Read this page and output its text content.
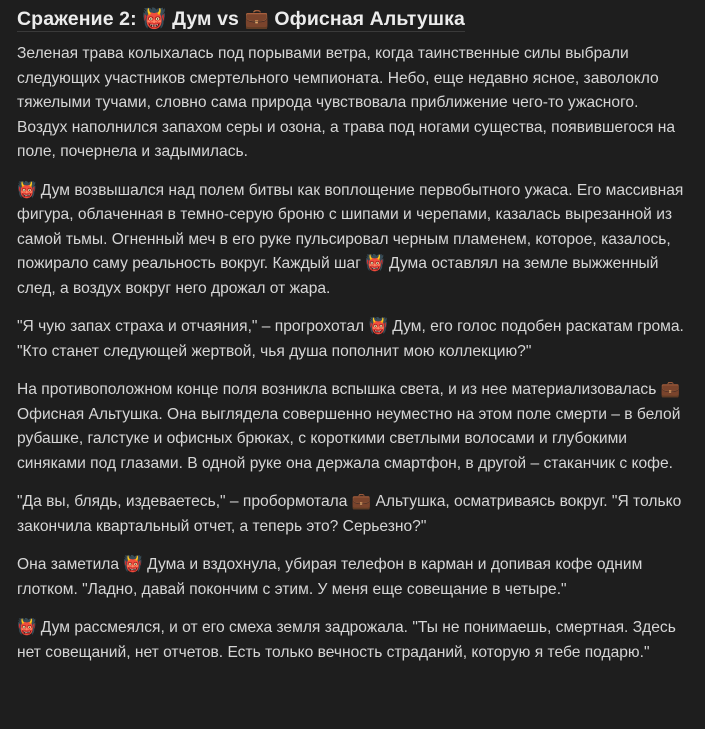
Сражение 2: 👹 Дум vs 💼 Офисная Альтушка

Зеленая трава колыхалась под порывами ветра, когда таинственные силы выбрали следующих участников смертельного чемпионата. Небо, еще недавно ясное, заволокло тяжелыми тучами, словно сама природа чувствовала приближение чего-то ужасного. Воздух наполнился запахом серы и озона, а трава под ногами существа, появившегося на поле, почернела и задымилась.

👹 Дум возвышался над полем битвы как воплощение первобытного ужаса. Его массивная фигура, облаченная в темно-серую броню с шипами и черепами, казалась вырезанной из самой тьмы. Огненный меч в его руке пульсировал черным пламенем, которое, казалось, пожирало саму реальность вокруг. Каждый шаг 👹 Дума оставлял на земле выжженный след, а воздух вокруг него дрожал от жара.

"Я чую запах страха и отчаяния," – прогрохотал 👹 Дум, его голос подобен раскатам грома. "Кто станет следующей жертвой, чья душа пополнит мою коллекцию?"

На противоположном конце поля возникла вспышка света, и из нее материализовалась 💼 Офисная Альтушка. Она выглядела совершенно неуместно на этом поле смерти – в белой рубашке, галстуке и офисных брюках, с короткими светлыми волосами и глубокими синяками под глазами. В одной руке она держала смартфон, в другой – стаканчик с кофе.

"Да вы, блядь, издеваетесь," – пробормотала 💼 Альтушка, осматриваясь вокруг. "Я только закончила квартальный отчет, а теперь это? Серьезно?"

Она заметила 👹 Дума и вздохнула, убирая телефон в карман и допивая кофе одним глотком. "Ладно, давай покончим с этим. У меня еще совещание в четыре."

👹 Дум рассмеялся, и от его смеха земля задрожала. "Ты не понимаешь, смертная. Здесь нет совещаний, нет отчетов. Есть только вечность страданий, которую я тебе подарю."
